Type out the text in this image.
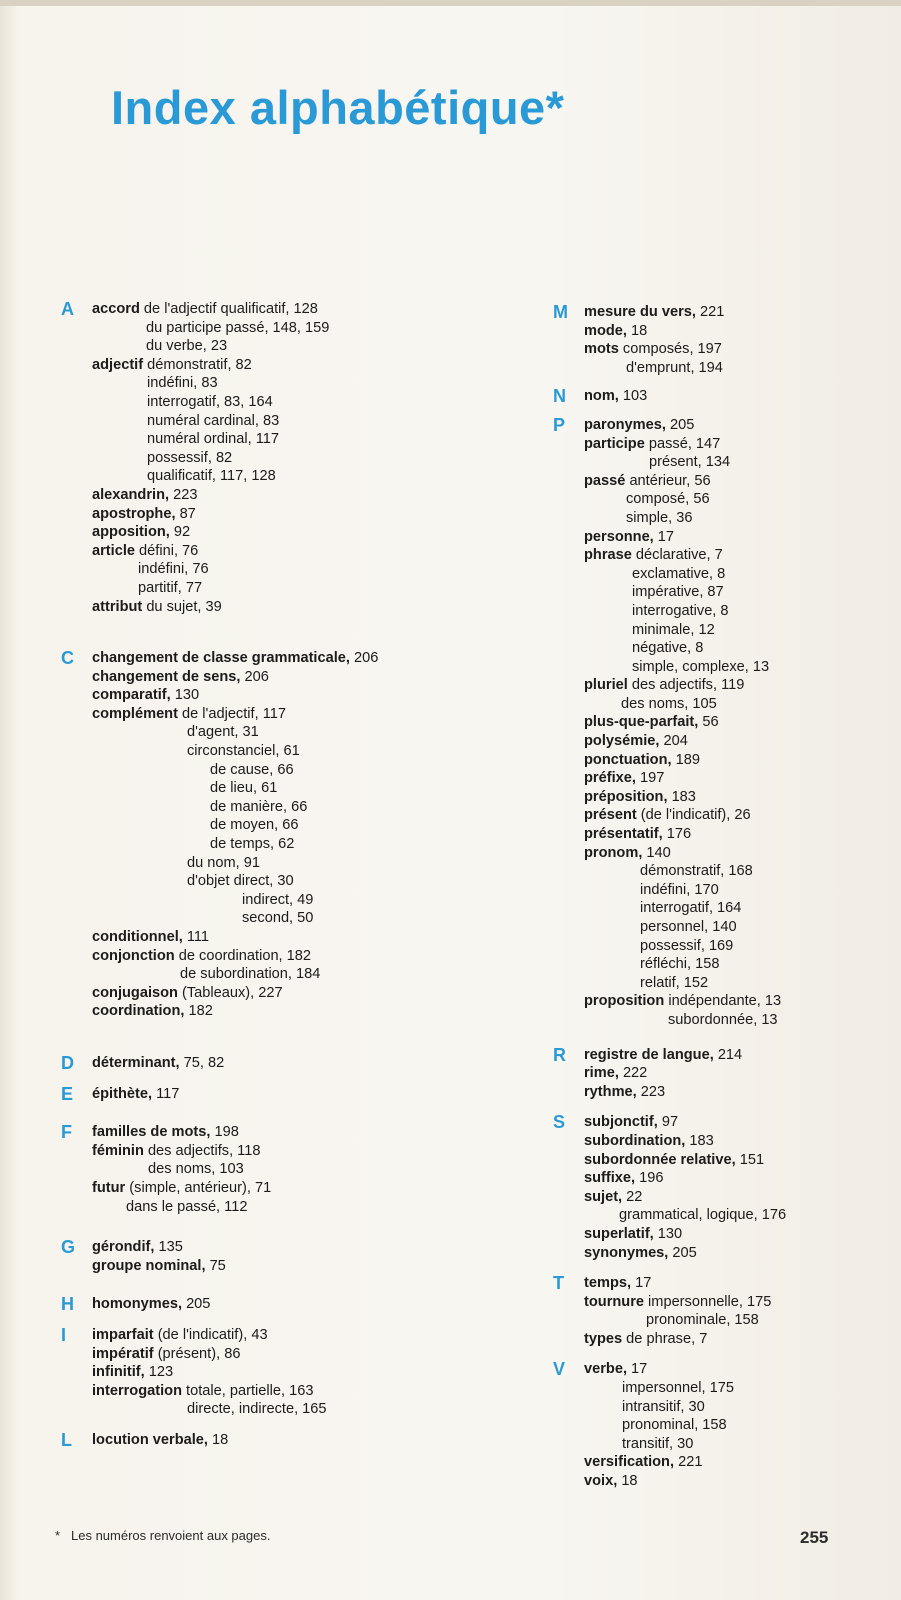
Index alphabétique*
A accord de l'adjectif qualificatif, 128
du participe passé, 148, 159
du verbe, 23
adjectif démonstratif, 82
indéfini, 83
interrogatif, 83, 164
numéral cardinal, 83
numéral ordinal, 117
possessif, 82
qualificatif, 117, 128
alexandrin, 223
apostrophe, 87
apposition, 92
article défini, 76
indéfini, 76
partitif, 77
attribut du sujet, 39
C changement de classe grammaticale, 206
changement de sens, 206
comparatif, 130
complément de l'adjectif, 117
d'agent, 31
circonstanciel, 61
de cause, 66
de lieu, 61
de manière, 66
de moyen, 66
de temps, 62
du nom, 91
d'objet direct, 30
indirect, 49
second, 50
conditionnel, 111
conjonction de coordination, 182
de subordination, 184
conjugaison (Tableaux), 227
coordination, 182
D déterminant, 75, 82
E épithète, 117
F familles de mots, 198
féminin des adjectifs, 118
des noms, 103
futur (simple, antérieur), 71
dans le passé, 112
G gérondif, 135
groupe nominal, 75
H homonymes, 205
I imparfait (de l'indicatif), 43
impératif (présent), 86
infinitif, 123
interrogation totale, partielle, 163
directe, indirecte, 165
L locution verbale, 18
M mesure du vers, 221
mode, 18
mots composés, 197
d'emprunt, 194
N nom, 103
P paronymes, 205
participe passé, 147
présent, 134
passé antérieur, 56
composé, 56
simple, 36
personne, 17
phrase déclarative, 7
exclamative, 8
impérative, 87
interrogative, 8
minimale, 12
négative, 8
simple, complexe, 13
pluriel des adjectifs, 119
des noms, 105
plus-que-parfait, 56
polysémie, 204
ponctuation, 189
préfixe, 197
préposition, 183
présent (de l'indicatif), 26
présentatif, 176
pronom, 140
démonstratif, 168
indéfini, 170
interrogatif, 164
personnel, 140
possessif, 169
réfléchi, 158
relatif, 152
proposition indépendante, 13
subordonnée, 13
R registre de langue, 214
rime, 222
rythme, 223
S subjonctif, 97
subordination, 183
subordonnée relative, 151
suffixe, 196
sujet, 22
grammatical, logique, 176
superlatif, 130
synonymes, 205
T temps, 17
tournure impersonnelle, 175
pronominale, 158
types de phrase, 7
V verbe, 17
impersonnel, 175
intransitif, 30
pronominal, 158
transitif, 30
versification, 221
voix, 18
* Les numéros renvoient aux pages.	255
